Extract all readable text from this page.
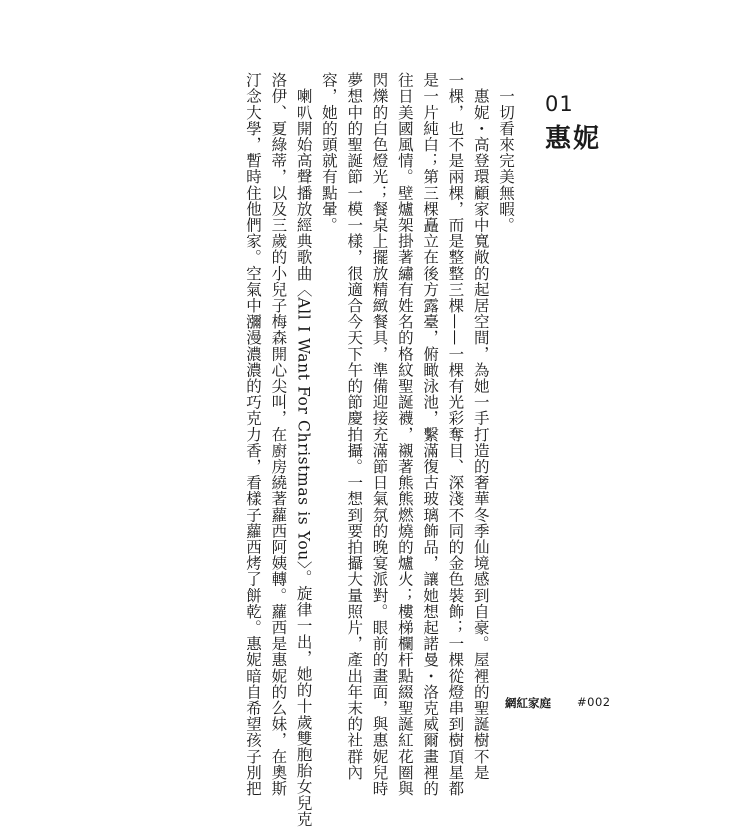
01
惠妮

　一切看來完美無暇。

　惠妮・高登環顧家中寬敞的起居空間，為她一手打造的奢華冬季仙境感到自豪。屋裡的聖誕樹不是

一棵，也不是兩棵，而是整整三棵——一棵有光彩奪目、深淺不同的金色裝飾；一棵從燈串到樹頂星都

是一片純白；第三棵矗立在後方露臺，俯瞰泳池，繫滿復古玻璃飾品，讓她想起諾曼・洛克威爾畫裡的

往日美國風情。壁爐架掛著繡有姓名的格紋聖誕襪，襯著熊熊燃燒的爐火；樓梯欄杆點綴聖誕紅花圈與

閃爍的白色燈光；餐桌上擺放精緻餐具，準備迎接充滿節日氣氛的晚宴派對。眼前的畫面，與惠妮兒時

夢想中的聖誕節一模一樣，很適合今天下午的節慶拍攝。一想到要拍攝大量照片，產出年末的社群內

容，她的頭就有點暈。

　喇叭開始高聲播放經典歌曲〈All I Want For Christmas is You〉。旋律一出，她的十歲雙胞胎女兒克

洛伊、夏綠蒂，以及三歲的小兒子梅森開心尖叫，在廚房繞著蘿西阿姨轉。蘿西是惠妮的么妹，在奧斯

汀念大學，暫時住他們家。空氣中瀰漫濃濃的巧克力香，看樣子蘿西烤了餅乾。惠妮暗自希望孩子別把	網紅家庭 #002
